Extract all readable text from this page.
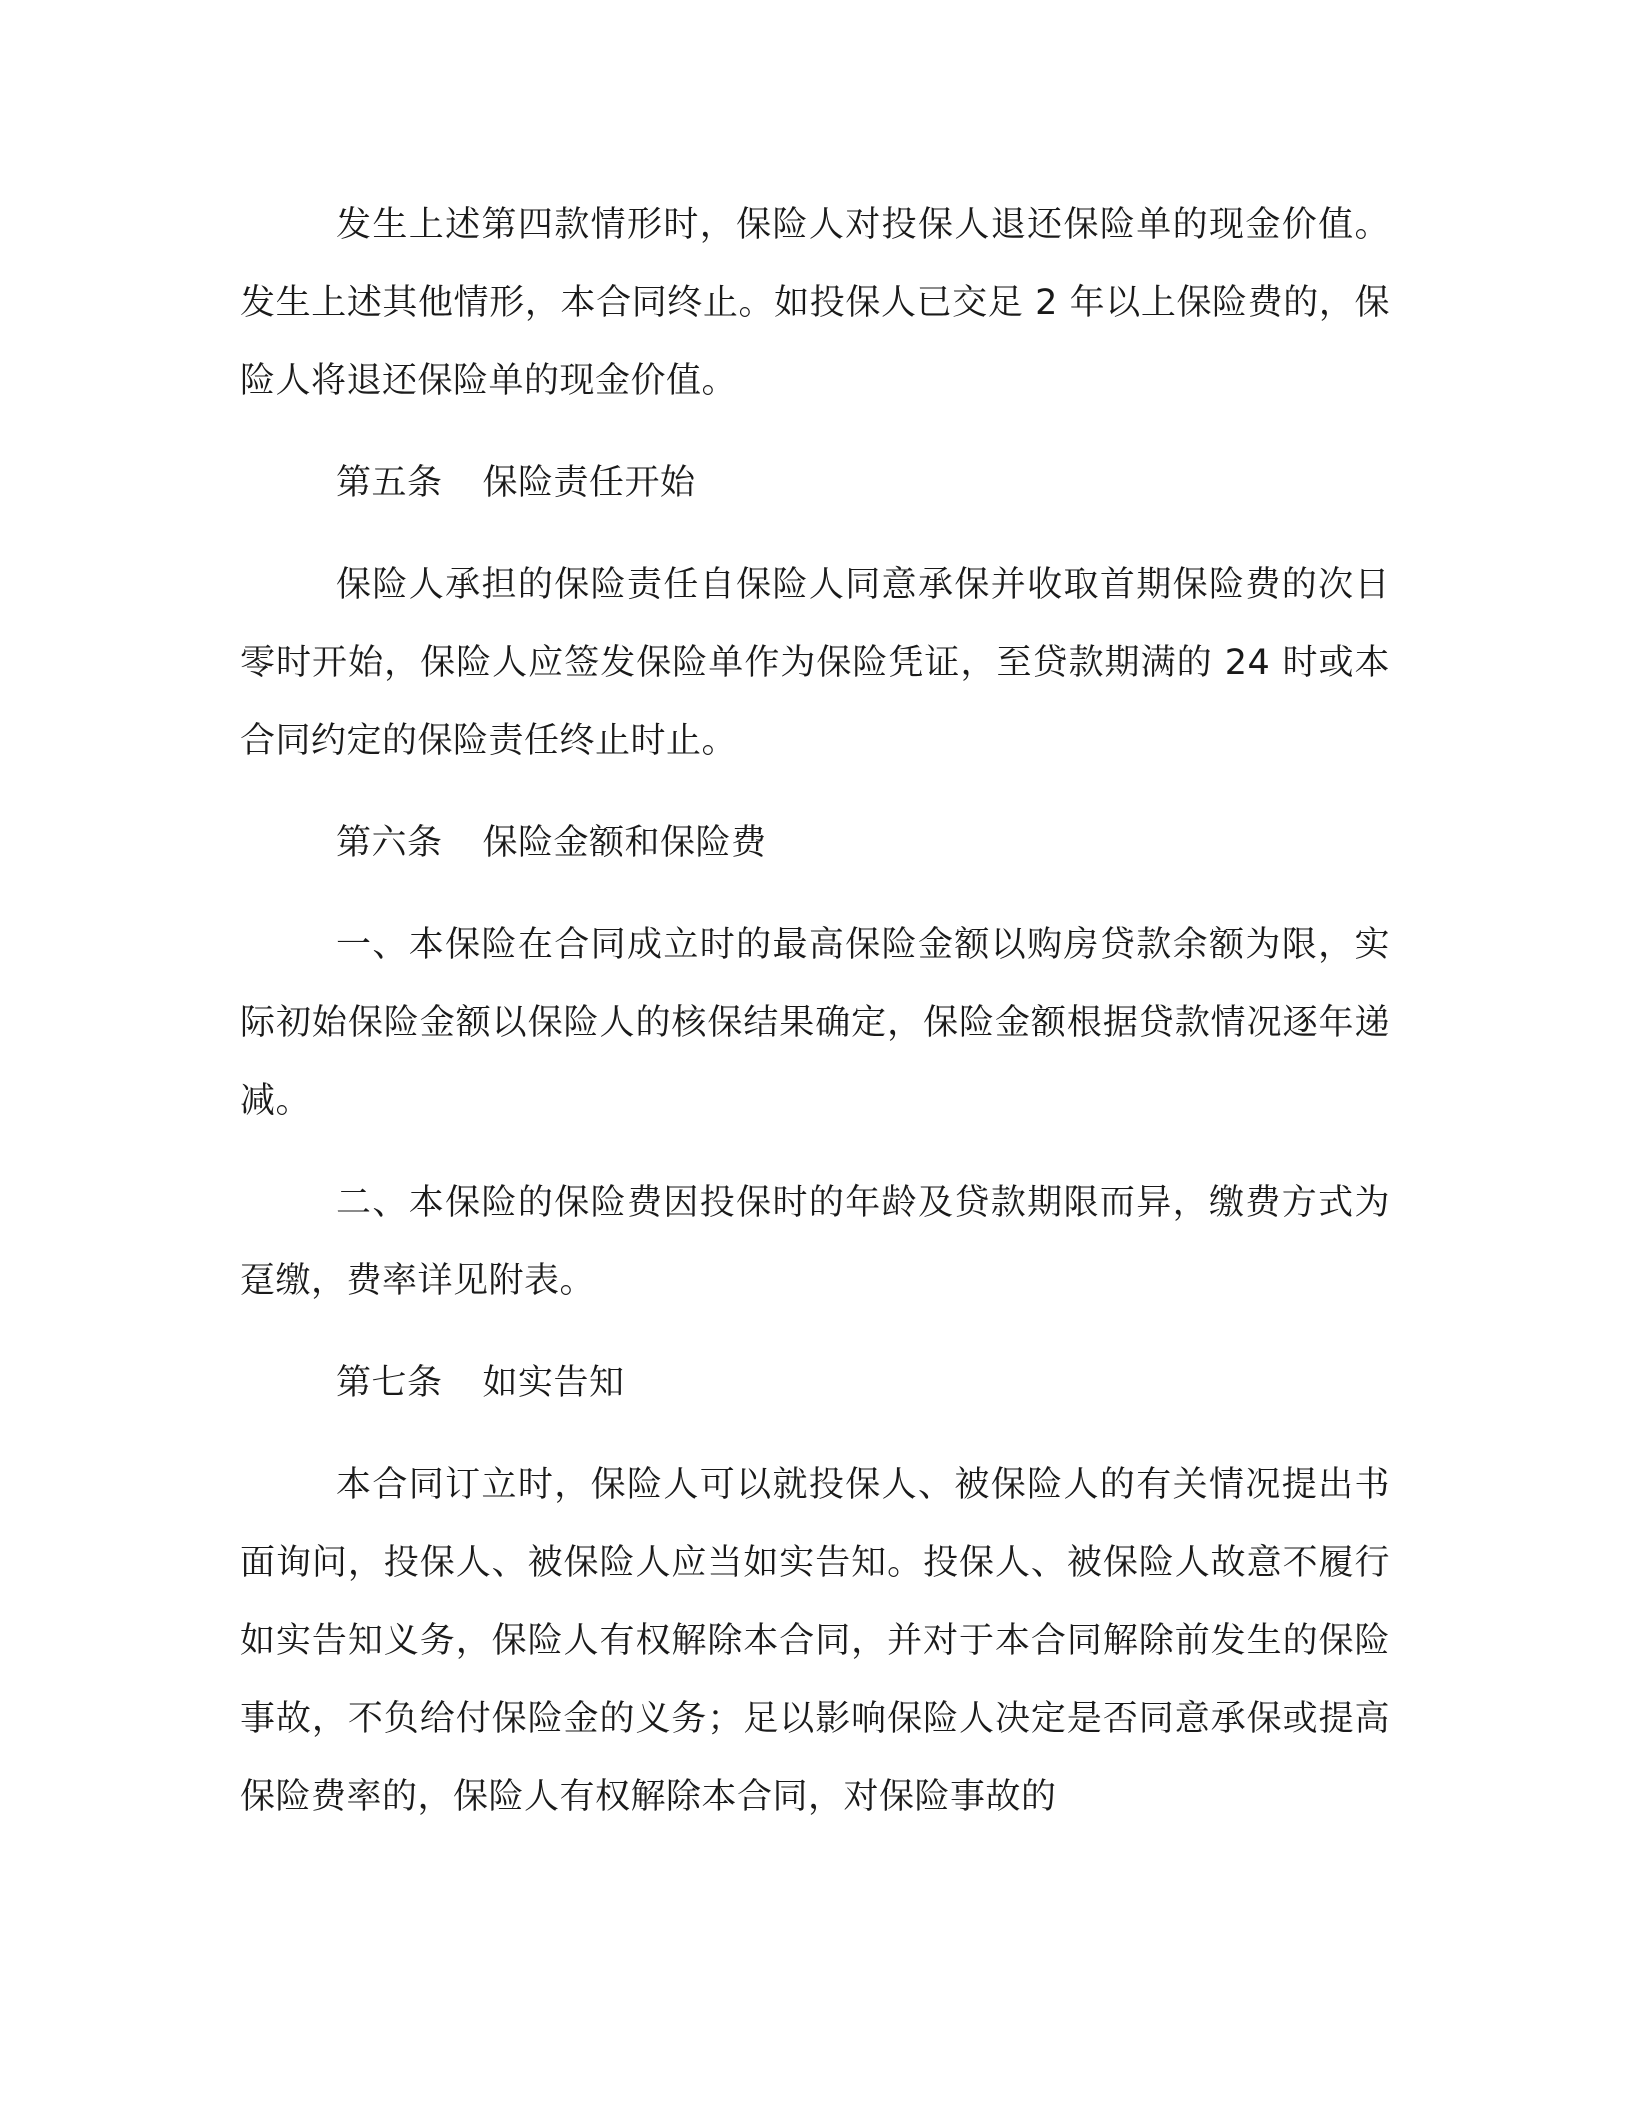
发生上述第四款情形时，保险人对投保人退还保险单的现金价值。发生上述其他情形，本合同终止。如投保人已交足 2 年以上保险费的，保险人将退还保险单的现金价值。

第五条 保险责任开始

保险人承担的保险责任自保险人同意承保并收取首期保险费的次日零时开始，保险人应签发保险单作为保险凭证，至贷款期满的 24 时或本合同约定的保险责任终止时止。

第六条 保险金额和保险费

一、本保险在合同成立时的最高保险金额以购房贷款余额为限，实际初始保险金额以保险人的核保结果确定，保险金额根据贷款情况逐年递减。

二、本保险的保险费因投保时的年龄及贷款期限而异，缴费方式为趸缴，费率详见附表。

第七条 如实告知

本合同订立时，保险人可以就投保人、被保险人的有关情况提出书面询问，投保人、被保险人应当如实告知。投保人、被保险人故意不履行如实告知义务，保险人有权解除本合同，并对于本合同解除前发生的保险事故，不负给付保险金的义务；足以影响保险人决定是否同意承保或提高保险费率的，保险人有权解除本合同，对保险事故的
